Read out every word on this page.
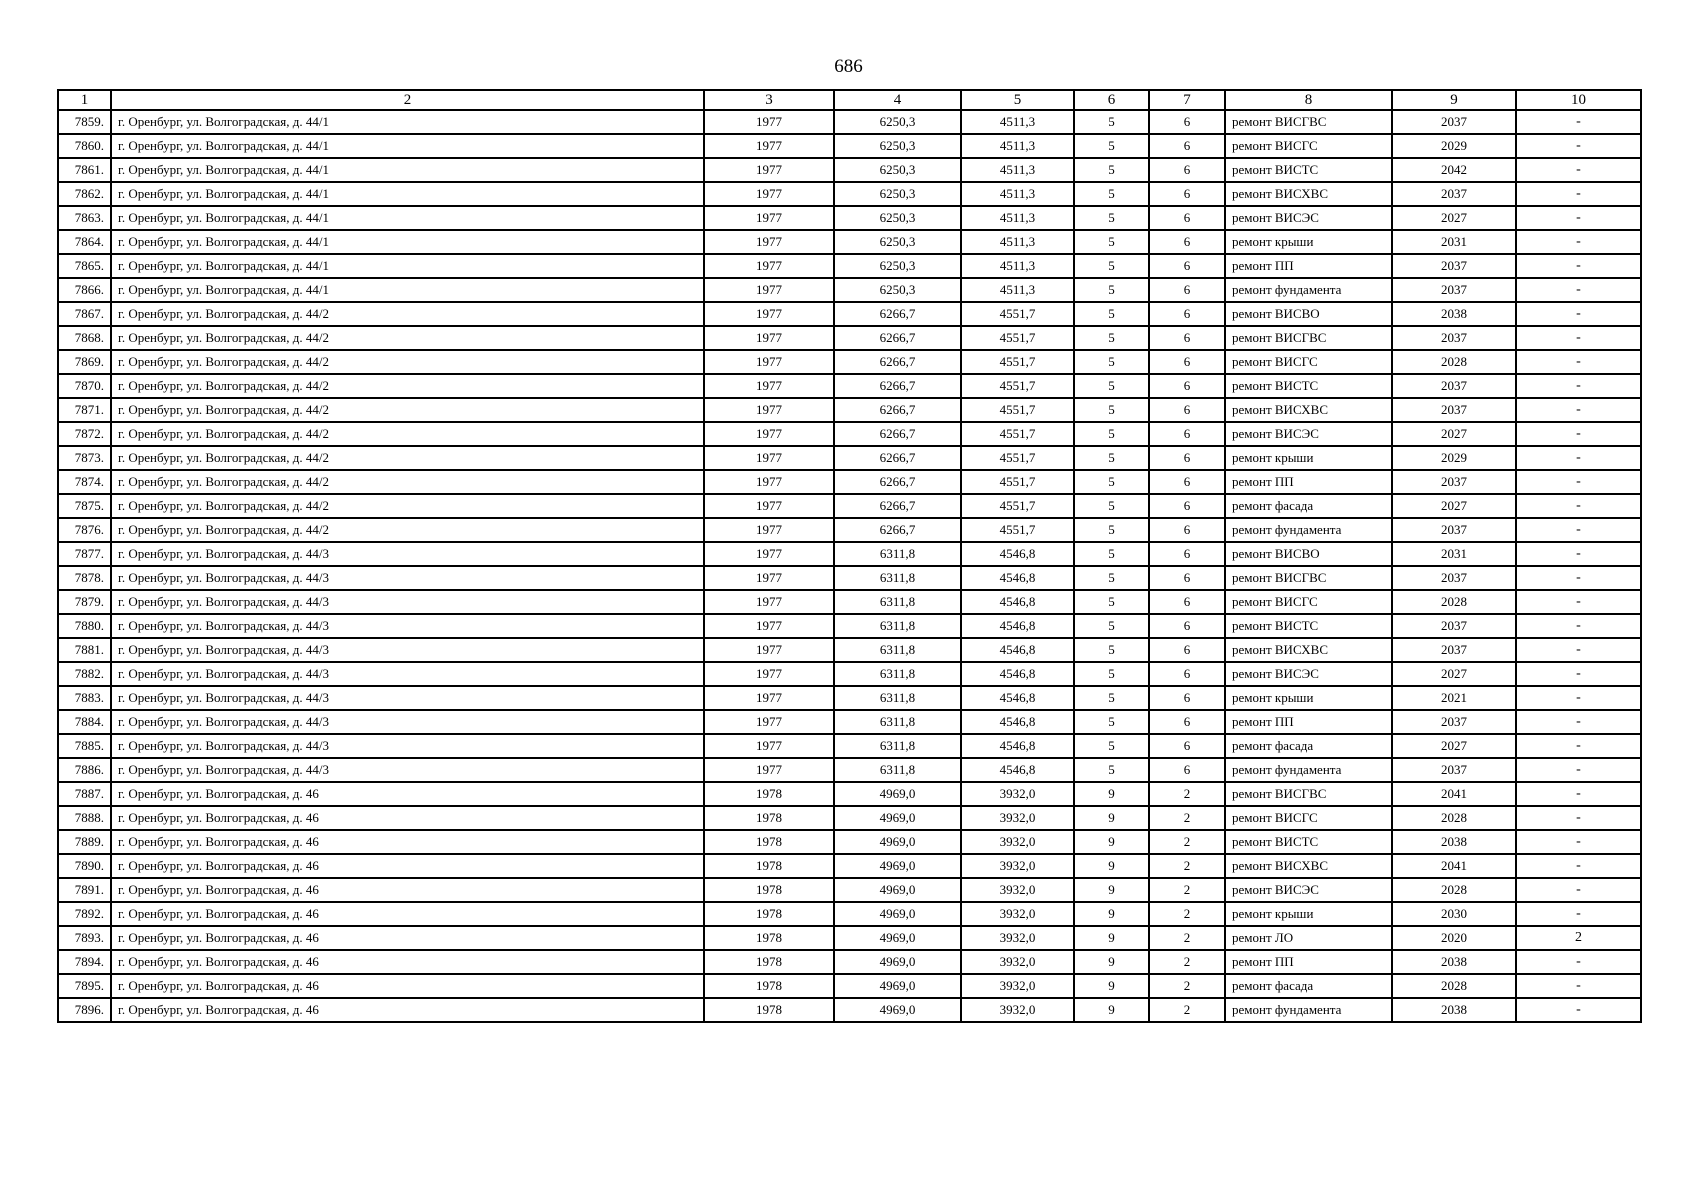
686
1	2	3	4	5	6	7	8	9	10
7859.	г. Оренбург, ул. Волгоградская, д. 44/1	1977	6250,3	4511,3	5	6	ремонт ВИСГВС	2037	-
7860.	г. Оренбург, ул. Волгоградская, д. 44/1	1977	6250,3	4511,3	5	6	ремонт ВИСГС	2029	-
7861.	г. Оренбург, ул. Волгоградская, д. 44/1	1977	6250,3	4511,3	5	6	ремонт ВИСТС	2042	-
7862.	г. Оренбург, ул. Волгоградская, д. 44/1	1977	6250,3	4511,3	5	6	ремонт ВИСХВС	2037	-
7863.	г. Оренбург, ул. Волгоградская, д. 44/1	1977	6250,3	4511,3	5	6	ремонт ВИСЭС	2027	-
7864.	г. Оренбург, ул. Волгоградская, д. 44/1	1977	6250,3	4511,3	5	6	ремонт крыши	2031	-
7865.	г. Оренбург, ул. Волгоградская, д. 44/1	1977	6250,3	4511,3	5	6	ремонт ПП	2037	-
7866.	г. Оренбург, ул. Волгоградская, д. 44/1	1977	6250,3	4511,3	5	6	ремонт фундамента	2037	-
7867.	г. Оренбург, ул. Волгоградская, д. 44/2	1977	6266,7	4551,7	5	6	ремонт ВИСВО	2038	-
7868.	г. Оренбург, ул. Волгоградская, д. 44/2	1977	6266,7	4551,7	5	6	ремонт ВИСГВС	2037	-
7869.	г. Оренбург, ул. Волгоградская, д. 44/2	1977	6266,7	4551,7	5	6	ремонт ВИСГС	2028	-
7870.	г. Оренбург, ул. Волгоградская, д. 44/2	1977	6266,7	4551,7	5	6	ремонт ВИСТС	2037	-
7871.	г. Оренбург, ул. Волгоградская, д. 44/2	1977	6266,7	4551,7	5	6	ремонт ВИСХВС	2037	-
7872.	г. Оренбург, ул. Волгоградская, д. 44/2	1977	6266,7	4551,7	5	6	ремонт ВИСЭС	2027	-
7873.	г. Оренбург, ул. Волгоградская, д. 44/2	1977	6266,7	4551,7	5	6	ремонт крыши	2029	-
7874.	г. Оренбург, ул. Волгоградская, д. 44/2	1977	6266,7	4551,7	5	6	ремонт ПП	2037	-
7875.	г. Оренбург, ул. Волгоградская, д. 44/2	1977	6266,7	4551,7	5	6	ремонт фасада	2027	-
7876.	г. Оренбург, ул. Волгоградская, д. 44/2	1977	6266,7	4551,7	5	6	ремонт фундамента	2037	-
7877.	г. Оренбург, ул. Волгоградская, д. 44/3	1977	6311,8	4546,8	5	6	ремонт ВИСВО	2031	-
7878.	г. Оренбург, ул. Волгоградская, д. 44/3	1977	6311,8	4546,8	5	6	ремонт ВИСГВС	2037	-
7879.	г. Оренбург, ул. Волгоградская, д. 44/3	1977	6311,8	4546,8	5	6	ремонт ВИСГС	2028	-
7880.	г. Оренбург, ул. Волгоградская, д. 44/3	1977	6311,8	4546,8	5	6	ремонт ВИСТС	2037	-
7881.	г. Оренбург, ул. Волгоградская, д. 44/3	1977	6311,8	4546,8	5	6	ремонт ВИСХВС	2037	-
7882.	г. Оренбург, ул. Волгоградская, д. 44/3	1977	6311,8	4546,8	5	6	ремонт ВИСЭС	2027	-
7883.	г. Оренбург, ул. Волгоградская, д. 44/3	1977	6311,8	4546,8	5	6	ремонт крыши	2021	-
7884.	г. Оренбург, ул. Волгоградская, д. 44/3	1977	6311,8	4546,8	5	6	ремонт ПП	2037	-
7885.	г. Оренбург, ул. Волгоградская, д. 44/3	1977	6311,8	4546,8	5	6	ремонт фасада	2027	-
7886.	г. Оренбург, ул. Волгоградская, д. 44/3	1977	6311,8	4546,8	5	6	ремонт фундамента	2037	-
7887.	г. Оренбург, ул. Волгоградская, д. 46	1978	4969,0	3932,0	9	2	ремонт ВИСГВС	2041	-
7888.	г. Оренбург, ул. Волгоградская, д. 46	1978	4969,0	3932,0	9	2	ремонт ВИСГС	2028	-
7889.	г. Оренбург, ул. Волгоградская, д. 46	1978	4969,0	3932,0	9	2	ремонт ВИСТС	2038	-
7890.	г. Оренбург, ул. Волгоградская, д. 46	1978	4969,0	3932,0	9	2	ремонт ВИСХВС	2041	-
7891.	г. Оренбург, ул. Волгоградская, д. 46	1978	4969,0	3932,0	9	2	ремонт ВИСЭС	2028	-
7892.	г. Оренбург, ул. Волгоградская, д. 46	1978	4969,0	3932,0	9	2	ремонт крыши	2030	-
7893.	г. Оренбург, ул. Волгоградская, д. 46	1978	4969,0	3932,0	9	2	ремонт ЛО	2020	2
7894.	г. Оренбург, ул. Волгоградская, д. 46	1978	4969,0	3932,0	9	2	ремонт ПП	2038	-
7895.	г. Оренбург, ул. Волгоградская, д. 46	1978	4969,0	3932,0	9	2	ремонт фасада	2028	-
7896.	г. Оренбург, ул. Волгоградская, д. 46	1978	4969,0	3932,0	9	2	ремонт фундамента	2038	-
